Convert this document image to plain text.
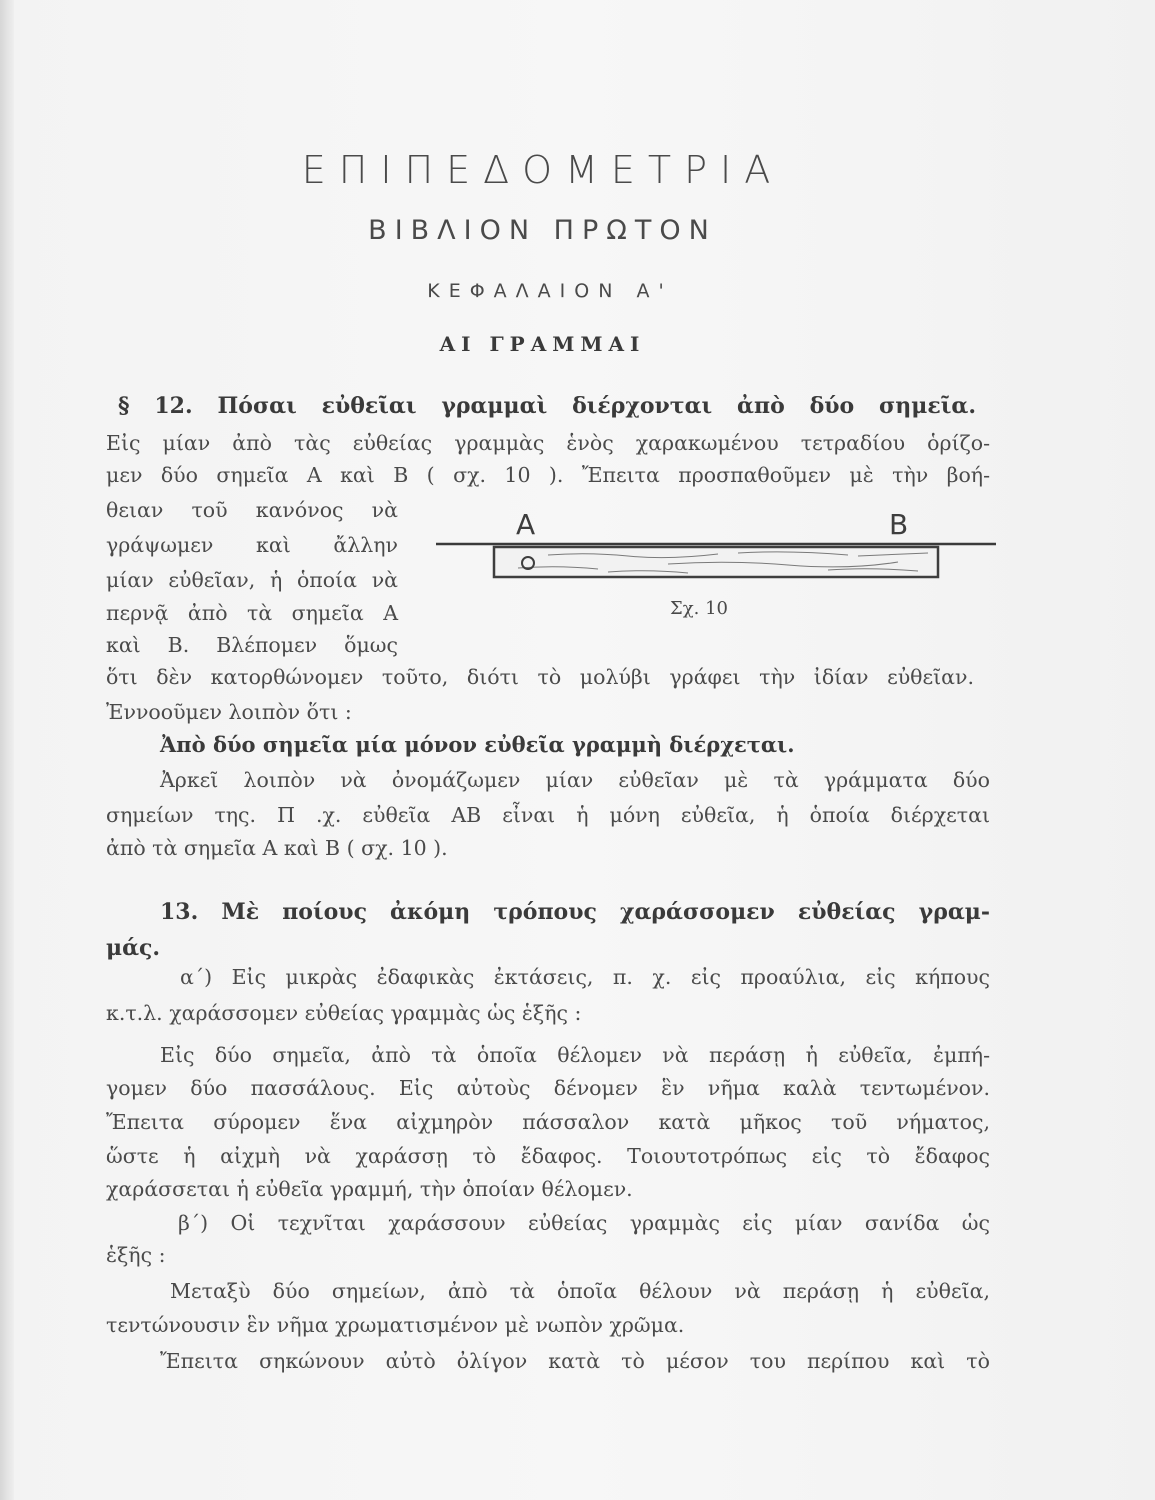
ΕΠΙΠΕΔΟΜΕΤΡΙΑ
ΒΙΒΛΙΟΝ ΠΡΩΤΟΝ
ΚΕΦΑΛΑΙΟΝ Α'
ΑΙ ΓΡΑΜΜΑΙ
§ 12. Πόσαι εὐθεῖαι γραμμαὶ διέρχονται ἀπὸ δύο σημεῖα.
Εἰς μίαν ἀπὸ τὰς εὐθείας γραμμὰς ἑνὸς χαρακωμένου τετραδίου ὁρίζο-
μεν δύο σημεῖα Α καὶ Β ( σχ. 10 ). Ἔπειτα προσπαθοῦμεν μὲ τὴν βοή-
θειαν τοῦ κανόνος νὰ
γράψωμεν καὶ ἄλλην
μίαν εὐθεῖαν, ἡ ὁποία νὰ
περνᾷ ἀπὸ τὰ σημεῖα Α
καὶ Β. Βλέπομεν ὅμως
ὅτι δὲν κατορθώνομεν τοῦτο, διότι τὸ μολύβι γράφει τὴν ἰδίαν εὐθεῖαν.
Ἐννοοῦμεν λοιπὸν ὅτι :
Ἀπὸ δύο σημεῖα μία μόνον εὐθεῖα γραμμὴ διέρχεται.
Ἀρκεῖ λοιπὸν νὰ ὀνομάζωμεν μίαν εὐθεῖαν μὲ τὰ γράμματα δύο
σημείων της. Π .χ. εὐθεῖα ΑΒ εἶναι ἡ μόνη εὐθεῖα, ἡ ὁποία διέρχεται
ἀπὸ τὰ σημεῖα Α καὶ Β ( σχ. 10 ).
A	B
Σχ. 10
13. Μὲ ποίους ἀκόμη τρόπους χαράσσομεν εὐθείας γραμ-
μάς.
α΄) Εἰς μικρὰς ἐδαφικὰς ἐκτάσεις, π. χ. εἰς προαύλια, εἰς κήπους
κ.τ.λ. χαράσσομεν εὐθείας γραμμὰς ὡς ἑξῆς :
Εἰς δύο σημεῖα, ἀπὸ τὰ ὁποῖα θέλομεν νὰ περάσῃ ἡ εὐθεῖα, ἐμπή-
γομεν δύο πασσάλους. Εἰς αὐτοὺς δένομεν ἓν νῆμα καλὰ τεντωμένον.
Ἔπειτα σύρομεν ἕνα αἰχμηρὸν πάσσαλον κατὰ μῆκος τοῦ νήματος,
ὥστε ἡ αἰχμὴ νὰ χαράσσῃ τὸ ἔδαφος. Τοιουτοτρόπως εἰς τὸ ἔδαφος
χαράσσεται ἡ εὐθεῖα γραμμή, τὴν ὁποίαν θέλομεν.
β΄) Οἱ τεχνῖται χαράσσουν εὐθείας γραμμὰς εἰς μίαν σανίδα ὡς
ἑξῆς :
Μεταξὺ δύο σημείων, ἀπὸ τὰ ὁποῖα θέλουν νὰ περάσῃ ἡ εὐθεῖα,
τεντώνουσιν ἓν νῆμα χρωματισμένον μὲ νωπὸν χρῶμα.
Ἔπειτα σηκώνουν αὐτὸ ὀλίγον κατὰ τὸ μέσον του περίπου καὶ τὸ
